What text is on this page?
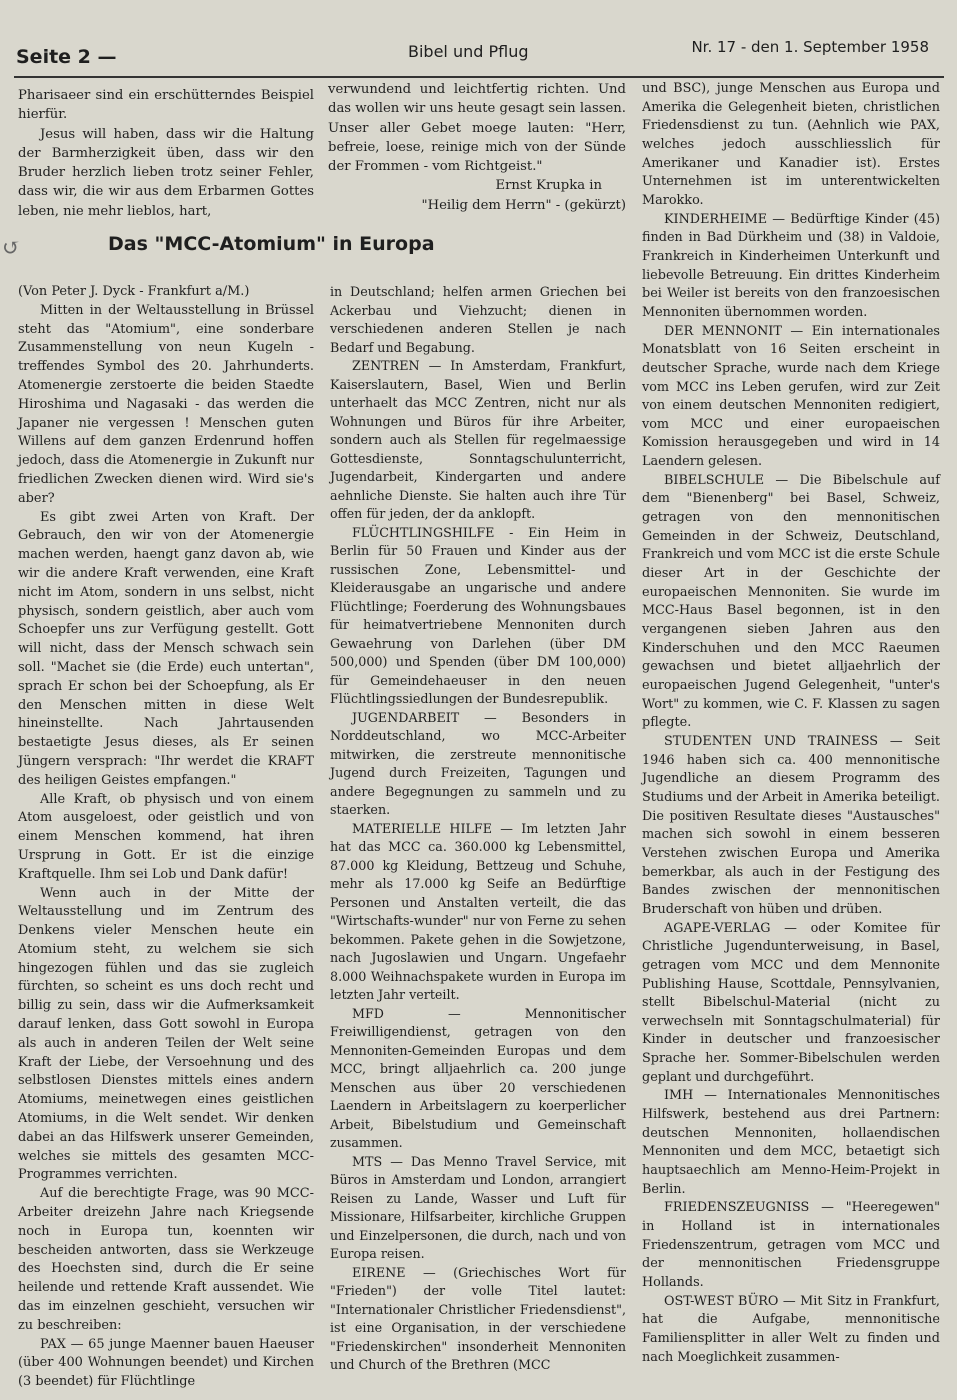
Seite 2 —	Bibel und Pflug	Nr. 17 - den 1. September 1958

Pharisaeer sind ein erschütterndes Beispiel hierfür.

Jesus will haben, dass wir die Haltung der Barmherzigkeit üben, dass wir den Bruder herzlich lieben trotz seiner Fehler, dass wir, die wir aus dem Erbarmen Gottes leben, nie mehr lieblos, hart,

verwundend und leichtfertig richten. Und das wollen wir uns heute gesagt sein lassen. Unser aller Gebet moege lauten: "Herr, befreie, loese, reinige mich von der Sünde der Frommen - vom Richtgeist."

Ernst Krupka in

"Heilig dem Herrn" - (gekürzt)

↺	Das "MCC-Atomium" in Europa

(Von Peter J. Dyck - Frankfurt a/M.)

Mitten in der Weltausstellung in Brüssel steht das "Atomium", eine sonderbare Zusammenstellung von neun Kugeln - treffendes Symbol des 20. Jahrhunderts. Atomenergie zerstoerte die beiden Staedte Hiroshima und Nagasaki - das werden die Japaner nie vergessen ! Menschen guten Willens auf dem ganzen Erdenrund hoffen jedoch, dass die Atomenergie in Zukunft nur friedlichen Zwecken dienen wird. Wird sie's aber?

Es gibt zwei Arten von Kraft. Der Gebrauch, den wir von der Atomenergie machen werden, haengt ganz davon ab, wie wir die andere Kraft verwenden, eine Kraft nicht im Atom, sondern in uns selbst, nicht physisch, sondern geistlich, aber auch vom Schoepfer uns zur Verfügung gestellt. Gott will nicht, dass der Mensch schwach sein soll. "Machet sie (die Erde) euch untertan", sprach Er schon bei der Schoepfung, als Er den Menschen mitten in diese Welt hineinstellte. Nach Jahrtausenden bestaetigte Jesus dieses, als Er seinen Jüngern versprach: "Ihr werdet die KRAFT des heiligen Geistes empfangen."

Alle Kraft, ob physisch und von einem Atom ausgeloest, oder geistlich und von einem Menschen kommend, hat ihren Ursprung in Gott. Er ist die einzige Kraftquelle. Ihm sei Lob und Dank dafür!

Wenn auch in der Mitte der Weltausstellung und im Zentrum des Denkens vieler Menschen heute ein Atomium steht, zu welchem sie sich hingezogen fühlen und das sie zugleich fürchten, so scheint es uns doch recht und billig zu sein, dass wir die Aufmerksamkeit darauf lenken, dass Gott sowohl in Europa als auch in anderen Teilen der Welt seine Kraft der Liebe, der Versoehnung und des selbstlosen Dienstes mittels eines andern Atomiums, meinetwegen eines geistlichen Atomiums, in die Welt sendet. Wir denken dabei an das Hilfswerk unserer Gemeinden, welches sie mittels des gesamten MCC-Programmes verrichten.

Auf die berechtigte Frage, was 90 MCC-Arbeiter dreizehn Jahre nach Kriegsende noch in Europa tun, koennten wir bescheiden antworten, dass sie Werkzeuge des Hoechsten sind, durch die Er seine heilende und rettende Kraft aussendet. Wie das im einzelnen geschieht, versuchen wir zu beschreiben:

PAX — 65 junge Maenner bauen Haeuser (über 400 Wohnungen beendet) und Kirchen (3 beendet) für Flüchtlinge

in Deutschland; helfen armen Griechen bei Ackerbau und Viehzucht; dienen in verschiedenen anderen Stellen je nach Bedarf und Begabung.

ZENTREN — In Amsterdam, Frankfurt, Kaiserslautern, Basel, Wien und Berlin unterhaelt das MCC Zentren, nicht nur als Wohnungen und Büros für ihre Arbeiter, sondern auch als Stellen für regelmaessige Gottesdienste, Sonntagschulunterricht, Jugendarbeit, Kindergarten und andere aehnliche Dienste. Sie halten auch ihre Tür offen für jeden, der da anklopft.

FLÜCHTLINGSHILFE - Ein Heim in Berlin für 50 Frauen und Kinder aus der russischen Zone, Lebensmittel- und Kleiderausgabe an ungarische und andere Flüchtlinge; Foerderung des Wohnungsbaues für heimatvertriebene Mennoniten durch Gewaehrung von Darlehen (über DM 500,000) und Spenden (über DM 100,000) für Gemeindehaeuser in den neuen Flüchtlingssiedlungen der Bundesrepublik.

JUGENDARBEIT — Besonders in Norddeutschland, wo MCC-Arbeiter mitwirken, die zerstreute mennonitische Jugend durch Freizeiten, Tagungen und andere Begegnungen zu sammeln und zu staerken.

MATERIELLE HILFE — Im letzten Jahr hat das MCC ca. 360.000 kg Lebensmittel, 87.000 kg Kleidung, Bettzeug und Schuhe, mehr als 17.000 kg Seife an Bedürftige Personen und Anstalten verteilt, die das "Wirtschafts-wunder" nur von Ferne zu sehen bekommen. Pakete gehen in die Sowjetzone, nach Jugoslawien und Ungarn. Ungefaehr 8.000 Weihnachspakete wurden in Europa im letzten Jahr verteilt.

MFD — Mennonitischer Freiwilligendienst, getragen von den Mennoniten-Gemeinden Europas und dem MCC, bringt alljaehrlich ca. 200 junge Menschen aus über 20 verschiedenen Laendern in Arbeitslagern zu koerperlicher Arbeit, Bibelstudium und Gemeinschaft zusammen.

MTS — Das Menno Travel Service, mit Büros in Amsterdam und London, arrangiert Reisen zu Lande, Wasser und Luft für Missionare, Hilfsarbeiter, kirchliche Gruppen und Einzelpersonen, die durch, nach und von Europa reisen.

EIRENE — (Griechisches Wort für "Frieden") der volle Titel lautet: "Internationaler Christlicher Friedensdienst", ist eine Organisation, in der verschiedene "Friedenskirchen" insonderheit Mennoniten und Church of the Brethren (MCC

und BSC), junge Menschen aus Europa und Amerika die Gelegenheit bieten, christlichen Friedensdienst zu tun. (Aehnlich wie PAX, welches jedoch ausschliesslich für Amerikaner und Kanadier ist). Erstes Unternehmen ist im unterentwickelten Marokko.

KINDERHEIME — Bedürftige Kinder (45) finden in Bad Dürkheim und (38) in Valdoie, Frankreich in Kinderheimen Unterkunft und liebevolle Betreuung. Ein drittes Kinderheim bei Weiler ist bereits von den franzoesischen Mennoniten übernommen worden.

DER MENNONIT — Ein internationales Monatsblatt von 16 Seiten erscheint in deutscher Sprache, wurde nach dem Kriege vom MCC ins Leben gerufen, wird zur Zeit von einem deutschen Mennoniten redigiert, vom MCC und einer europaeischen Komission herausgegeben und wird in 14 Laendern gelesen.

BIBELSCHULE — Die Bibelschule auf dem "Bienenberg" bei Basel, Schweiz, getragen von den mennonitischen Gemeinden in der Schweiz, Deutschland, Frankreich und vom MCC ist die erste Schule dieser Art in der Geschichte der europaeischen Mennoniten. Sie wurde im MCC-Haus Basel begonnen, ist in den vergangenen sieben Jahren aus den Kinderschuhen und den MCC Raeumen gewachsen und bietet alljaehrlich der europaeischen Jugend Gelegenheit, "unter's Wort" zu kommen, wie C. F. Klassen zu sagen pflegte.

STUDENTEN UND TRAINESS — Seit 1946 haben sich ca. 400 mennonitische Jugendliche an diesem Programm des Studiums und der Arbeit in Amerika beteiligt. Die positiven Resultate dieses "Austausches" machen sich sowohl in einem besseren Verstehen zwischen Europa und Amerika bemerkbar, als auch in der Festigung des Bandes zwischen der mennonitischen Bruderschaft von hüben und drüben.

AGAPE-VERLAG — oder Komitee für Christliche Jugendunterweisung, in Basel, getragen vom MCC und dem Mennonite Publishing Hause, Scottdale, Pennsylvanien, stellt Bibelschul-Material (nicht zu verwechseln mit Sonntagschulmaterial) für Kinder in deutscher und franzoesischer Sprache her. Sommer-Bibelschulen werden geplant und durchgeführt.

IMH — Internationales Mennonitisches Hilfswerk, bestehend aus drei Partnern: deutschen Mennoniten, hollaendischen Mennoniten und dem MCC, betaetigt sich hauptsaechlich am Menno-Heim-Projekt in Berlin.

FRIEDENSZEUGNISS — "Heeregewen" in Holland ist in internationales Friedenszentrum, getragen vom MCC und der mennonitischen Friedensgruppe Hollands.

OST-WEST BÜRO — Mit Sitz in Frankfurt, hat die Aufgabe, mennonitische Familiensplitter in aller Welt zu finden und nach Moeglichkeit zusammen-
